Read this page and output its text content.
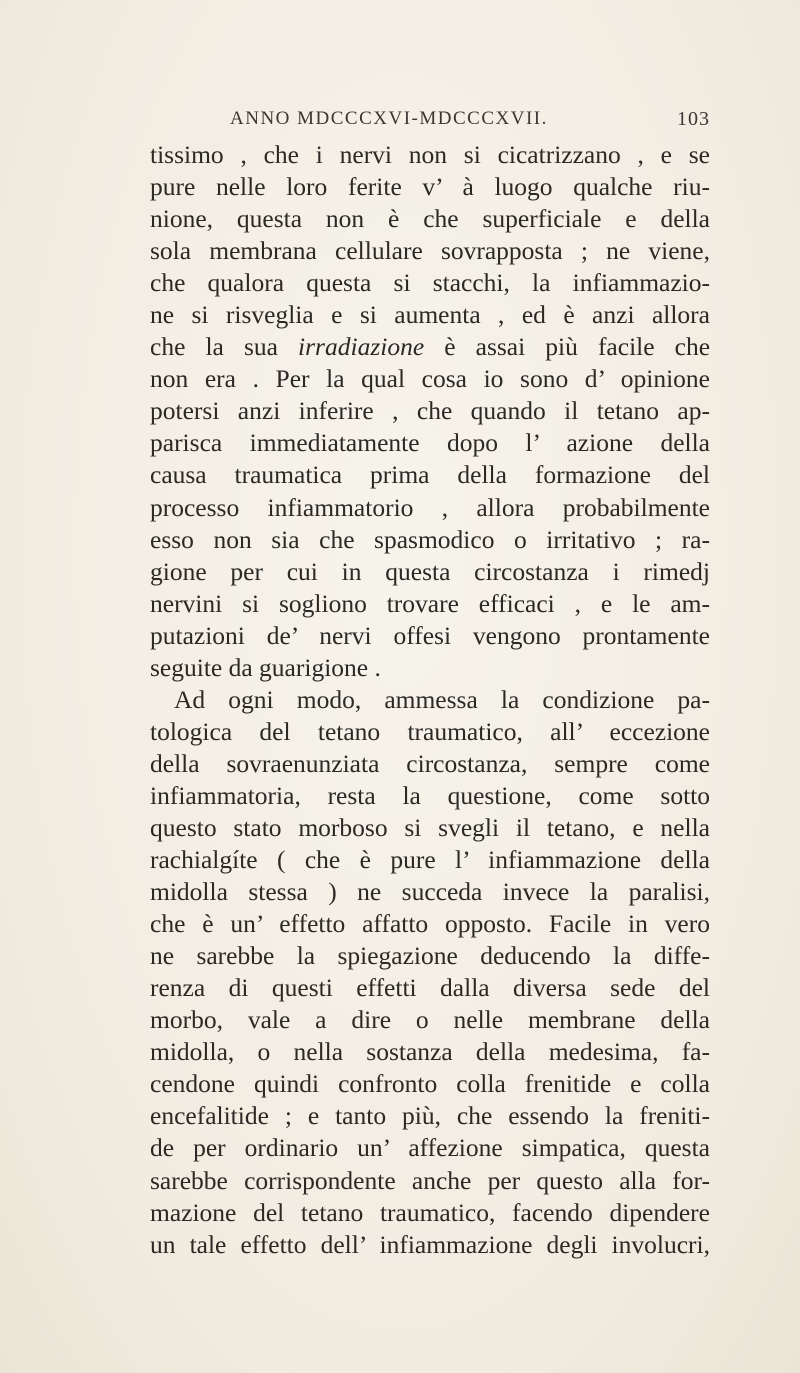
ANNO MDCCCXVI-MDCCCXVII.	103
tissimo , che i nervi non si cicatrizzano , e se
pure nelle loro ferite v’ à luogo qualche riu-
nione, questa non è che superficiale e della
sola membrana cellulare sovrapposta ; ne viene,
che qualora questa si stacchi, la infiammazio-
ne si risveglia e si aumenta , ed è anzi allora
che la sua irradiazione è assai più facile che
non era . Per la qual cosa io sono d’ opinione
potersi anzi inferire , che quando il tetano ap-
parisca immediatamente dopo l’ azione della
causa traumatica prima della formazione del
processo infiammatorio , allora probabilmente
esso non sia che spasmodico o irritativo ; ra-
gione per cui in questa circostanza i rimedj
nervini si sogliono trovare efficaci , e le am-
putazioni de’ nervi offesi vengono prontamente
seguite da guarigione .
Ad ogni modo, ammessa la condizione pa-
tologica del tetano traumatico, all’ eccezione
della sovraenunziata circostanza, sempre come
infiammatoria, resta la questione, come sotto
questo stato morboso si svegli il tetano, e nella
rachialgíte ( che è pure l’ infiammazione della
midolla stessa ) ne succeda invece la paralisi,
che è un’ effetto affatto opposto. Facile in vero
ne sarebbe la spiegazione deducendo la diffe-
renza di questi effetti dalla diversa sede del
morbo, vale a dire o nelle membrane della
midolla, o nella sostanza della medesima, fa-
cendone quindi confronto colla frenitide e colla
encefalitide ; e tanto più, che essendo la freniti-
de per ordinario un’ affezione simpatica, questa
sarebbe corrispondente anche per questo alla for-
mazione del tetano traumatico, facendo dipendere
un tale effetto dell’ infiammazione degli involucri,
